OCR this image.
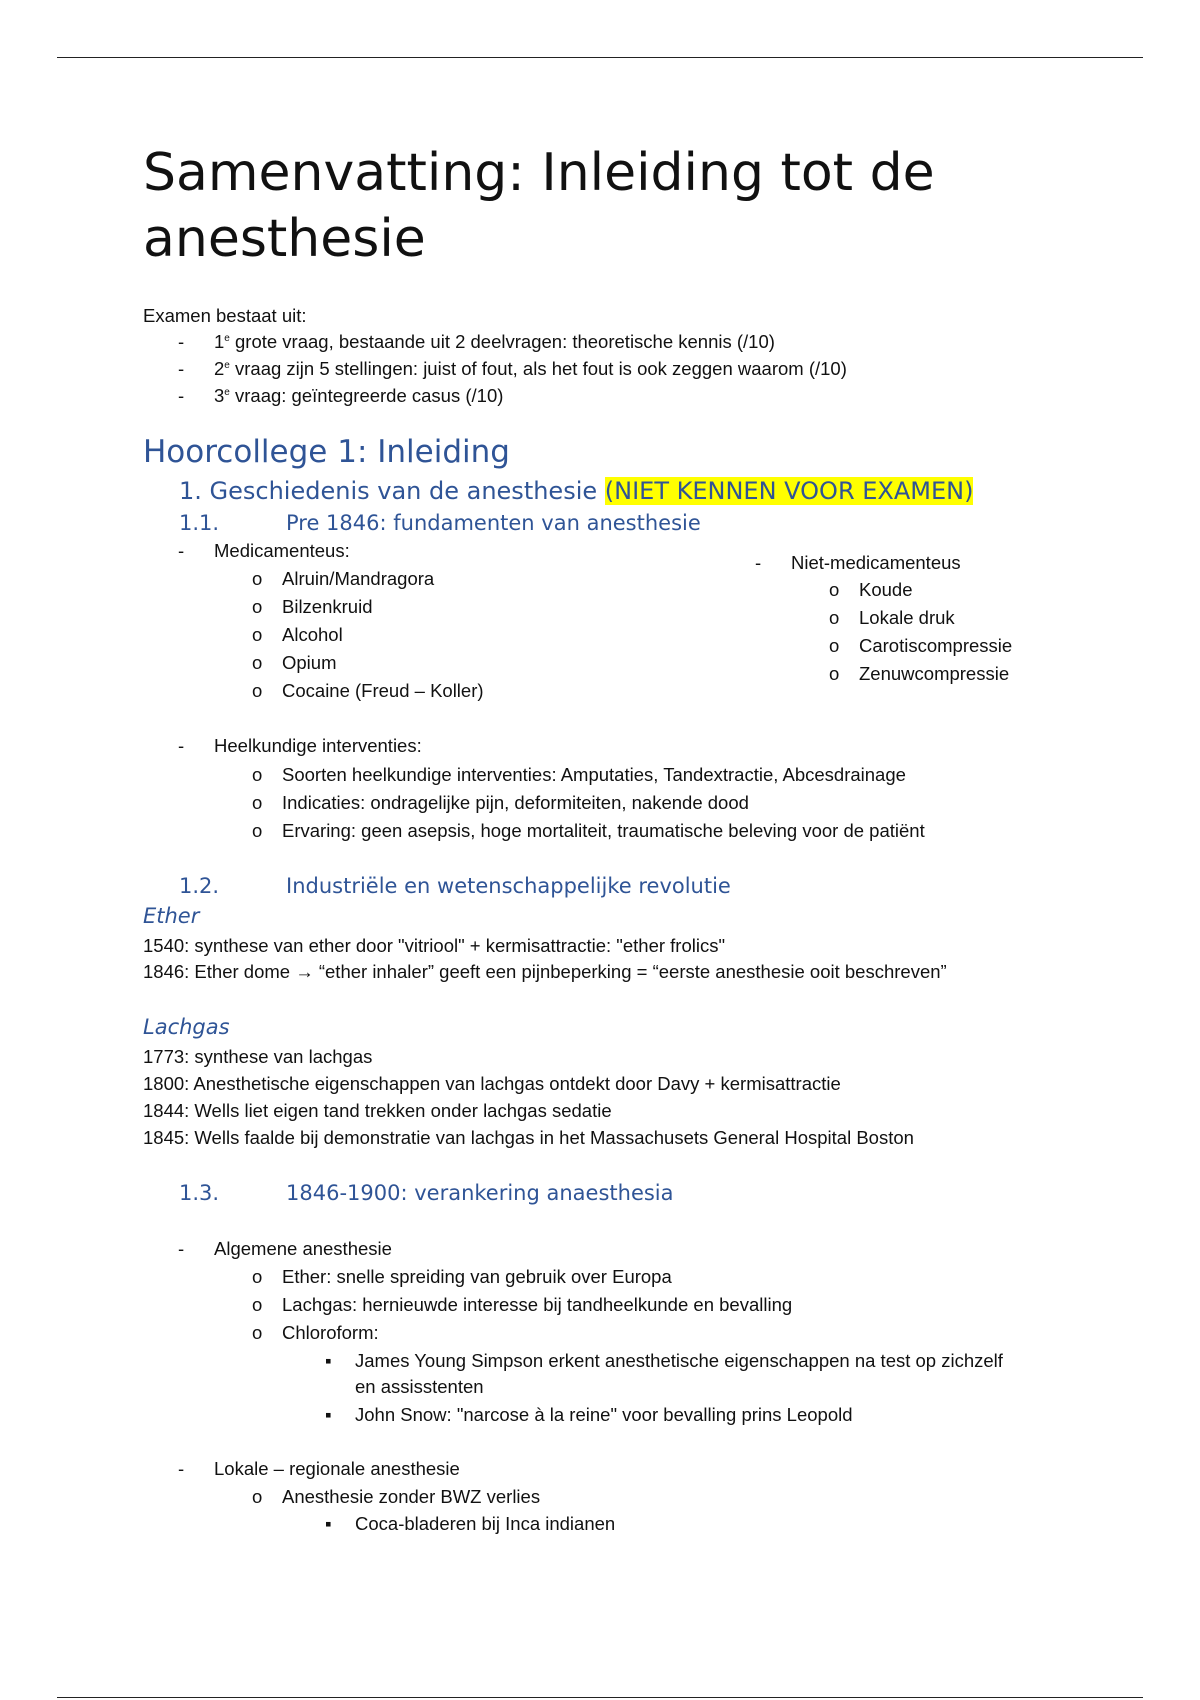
Samenvatting: Inleiding tot de anesthesie
Examen bestaat uit:
- 1e grote vraag, bestaande uit 2 deelvragen: theoretische kennis (/10)
- 2e vraag zijn 5 stellingen: juist of fout, als het fout is ook zeggen waarom (/10)
- 3e vraag: geïntegreerde casus (/10)
Hoorcollege 1: Inleiding
1. Geschiedenis van de anesthesie (NIET KENNEN VOOR EXAMEN)
1.1.	Pre 1846: fundamenten van anesthesie
- Medicamenteus:
o Alruin/Mandragora
o Bilzenkruid
o Alcohol
o Opium
o Cocaine (Freud – Koller)
- Niet-medicamenteus
o Koude
o Lokale druk
o Carotiscompressie
o Zenuwcompressie
- Heelkundige interventies:
o Soorten heelkundige interventies: Amputaties, Tandextractie, Abcesdrainage
o Indicaties: ondragelijke pijn, deformiteiten, nakende dood
o Ervaring: geen asepsis, hoge mortaliteit, traumatische beleving voor de patiënt
1.2.	Industriële en wetenschappelijke revolutie
Ether
1540: synthese van ether door "vitriool" + kermisattractie: "ether frolics"
1846: Ether dome → “ether inhaler” geeft een pijnbeperking = “eerste anesthesie ooit beschreven”
Lachgas
1773: synthese van lachgas
1800: Anesthetische eigenschappen van lachgas ontdekt door Davy + kermisattractie
1844: Wells liet eigen tand trekken onder lachgas sedatie
1845: Wells faalde bij demonstratie van lachgas in het Massachusets General Hospital Boston
1.3.	1846-1900: verankering anaesthesia
- Algemene anesthesie
o Ether: snelle spreiding van gebruik over Europa
o Lachgas: hernieuwde interesse bij tandheelkunde en bevalling
o Chloroform:
▪ James Young Simpson erkent anesthetische eigenschappen na test op zichzelf
en assisstenten
▪ John Snow: "narcose à la reine" voor bevalling prins Leopold
- Lokale – regionale anesthesie
o Anesthesie zonder BWZ verlies
▪ Coca-bladeren bij Inca indianen
